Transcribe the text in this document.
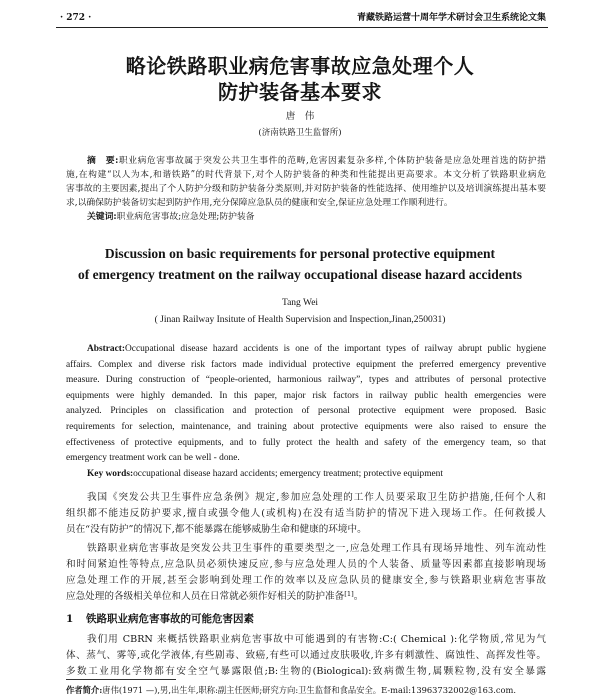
· 272 ·	青藏铁路运营十周年学术研讨会卫生系统论文集
略论铁路职业病危害事故应急处理个人
防护装备基本要求
唐　伟
(济南铁路卫生监督所)
摘　要:职业病危害事故属于突发公共卫生事件的范畴,危害因素复杂多样,个体防护装备是应急处理首选的防护措
施,在构建“以人为本,和谐铁路”的时代背景下,对个人防护装备的种类和性能提出更高要求。本文分析了铁路职业病危
害事故的主要因素,提出了个人防护分级和防护装备分类原则,并对防护装备的性能选择、使用维护以及培训演练提出基本要
求,以确保防护装备切实起到防护作用,充分保障应急队员的健康和安全,保证应急处理工作顺利进行。
关键词:职业病危害事故;应急处理;防护装备
Discussion on basic requirements for personal protective equipment
of emergency treatment on the railway occupational disease hazard accidents
Tang Wei
( Jinan Railway Insitute of Health Supervision and Inspection,Jinan,250031)
Abstract:Occupational disease hazard accidents is one of the important types of railway abrupt public hygiene
affairs. Complex and diverse risk factors made individual protective equipment the preferred emergency preventive
measure. During construction of “people-oriented, harmonious railway”, types and attributes of personal protective
equipments were highly demanded. In this paper, major risk factors in railway public health emergencies were
analyzed. Principles on classification and protection of personal protective equipment were proposed. Basic
requirements for selection, maintenance, and training about protective equipments were also raised to ensure the
effectiveness of protective equipments, and to fully protect the health and safety of the emergency team, so that
emergency treatment work can be well - done.
Key words:occupational disease hazard accidents; emergency treatment; protective equipment
我国《突发公共卫生事件应急条例》规定,参加应急处理的工作人员要采取卫生防护措施,任何个人和
组织都不能违反防护要求,擅自或强令他人(或机构)在没有适当防护的情况下进入现场工作。任何救援人
员在“没有防护”的情况下,都不能暴露在能够威胁生命和健康的环境中。
铁路职业病危害事故是突发公共卫生事件的重要类型之一,应急处理工作具有现场异地性、列车流动性
和时间紧迫性等特点,应急队员必须快速反应,参与应急处理人员的个人装备、质量等因素都直接影响现场
应急处理工作的开展,甚至会影响到处理工作的效率以及应急队员的健康安全,参与铁路职业病危害事故
应急处理的各级相关单位和人员在日常就必须作好相关的防护准备[1]。
1 铁路职业病危害事故的可能危害因素
我们用 CBRN 来概括铁路职业病危害事故中可能遇到的有害物:C:( Chemical ):化学物质,常见为气
体、蒸气、雾等,或化学液体,有些剧毒、致癌,有些可以通过皮肤吸收,许多有刺激性、腐蚀性、高挥发性等。
多数工业用化学物都有安全空气暴露限值;B:生物的(Biological):致病微生物,属颗粒物,没有安全暴露
作者简介:唐伟(1971 —),男,出生年,职称:副主任医师;研究方向:卫生监督和食品安全。E-mail:13963732002@163.com.
